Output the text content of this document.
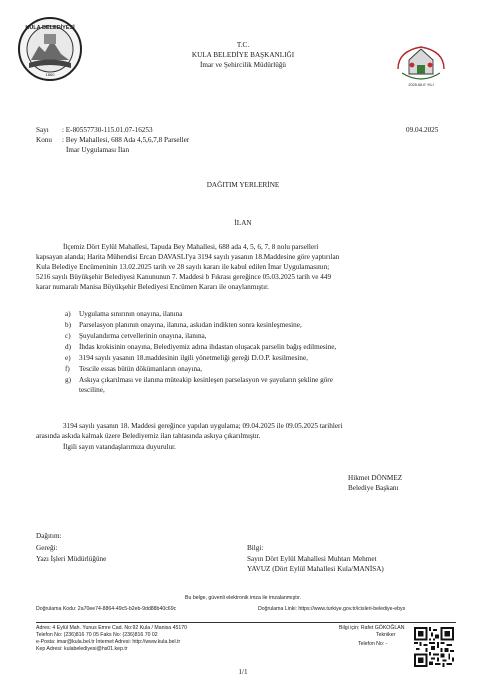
KULA BELEDİYESİ
1860
2025 AİLE YILI
T.C.
KULA BELEDİYE BAŞKANLIĞI
İmar ve Şehircilik Müdürlüğü
Sayı : E-80557730-115.01.07-16253	09.04.2025
Konu : Bey Mahallesi, 688 Ada 4,5,6,7,8 Parseller
İmar Uygulaması İlan
DAĞITIM YERLERİNE
İLAN
İlçemiz Dört Eylül Mahallesi, Tapuda Bey Mahallesi, 688 ada 4, 5, 6, 7, 8 nolu parselleri
kapsayan alanda; Harita Mühendisi Ercan DAVASLI'ya 3194 sayılı yasanın 18.Maddesine göre yaptırılan
Kula Belediye Encümeninin 13.02.2025 tarih ve 28 sayılı kararı ile kabul edilen İmar Uygulamasının;
5216 sayılı Büyükşehir Belediyesi Kanununun 7. Maddesi b Fıkrası gereğince 05.03.2025 tarih ve 449
karar numaralı Manisa Büyükşehir Belediyesi Encümen Kararı ile onaylanmıştır.
a) Uygulama sınırının onayına, ilanına
b) Parselasyon planının onayına, ilanına, askıdan indikten sonra kesinleşmesine,
c) Şuyulandırma cetvellerinin onayına, ilanına,
d) İhdas krokisinin onayına, Belediyemiz adına ihdastan oluşacak parselin bağış edilmesine,
e) 3194 sayılı yasanın 18.maddesinin ilgili yönetmeliği gereği D.O.P. kesilmesine,
f) Tescile essas bütün dökümanların onayına,
g) Askıya çıkarılması ve ilanına müteakip kesinleşen parselasyon ve şuyuların şekline göre
tesciline,
3194 sayılı yasanın 18. Maddesi gereğince yapılan uygulama; 09.04.2025 ile 09.05.2025 tarihleri
arasında askıda kalmak üzere Belediyemiz ilan tahtasında askıya çıkarılmıştır.
İlgili sayın vatandaşlarımıza duyurulur.
Hikmet DÖNMEZ
Belediye Başkanı
Dağıtım:
Gereği:
Yazı İşleri Müdürlüğüne
Bilgi:
Sayın Dört Eylül Mahallesi Muhtarı Mehmet
YAVUZ (Dört Eylül Mahallesi Kula/MANİSA)
Bu belge, güvenli elektronik imza ile imzalanmıştır.
Doğrulama Kodu: 2a70ee74-8864-49c5-b2eb-9dd88b40c69c	Doğrulama Linki: https://www.turkiye.gov.tr/icisleri-belediye-ebys
Adres: 4 Eylül Mah. Yunus Emre Cad. No:92 Kula / Manisa 45170
Telefon No: (236)816 70 05 Faks No: (236)816 70 02
e-Posta: imar@kula.bel.tr İnternet Adresi: http://www.kula.bel.tr
Kep Adresi: kulabelediyesi@hs01.kep.tr
Bilgi için: Rafet GÖKOĞLAN
Tekniker
Telefon No: -
1/1
